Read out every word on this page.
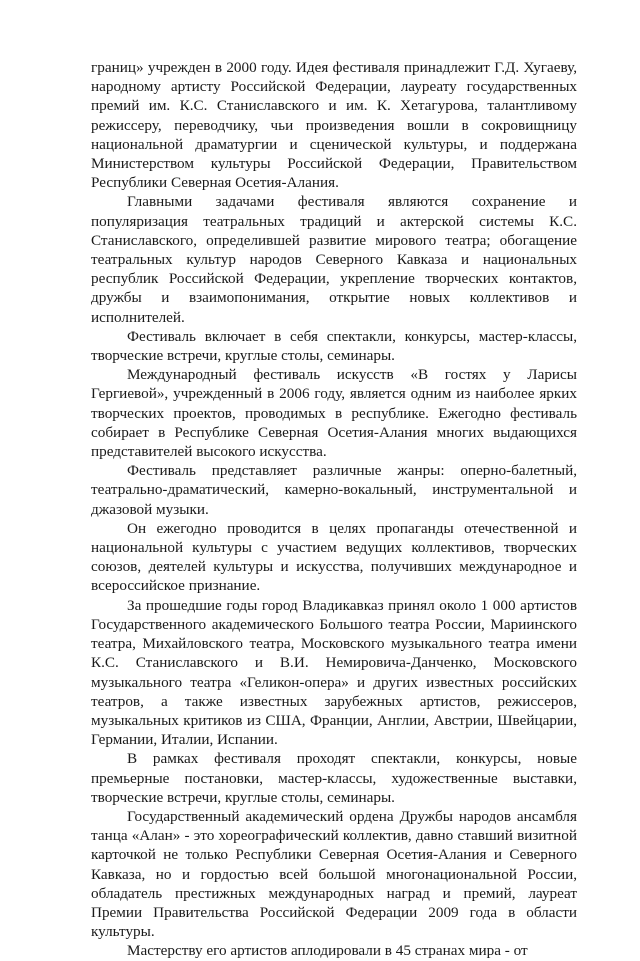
границ» учрежден в 2000 году. Идея фестиваля принадлежит Г.Д. Хугаеву, народному артисту Российской Федерации, лауреату государственных премий им. К.С. Станиславского и им. К. Хетагурова, талантливому режиссеру, переводчику, чьи произведения вошли в сокровищницу национальной драматургии и сценической культуры, и поддержана Министерством культуры Российской Федерации, Правительством Республики Северная Осетия-Алания.

Главными задачами фестиваля являются сохранение и популяризация театральных традиций и актерской системы К.С. Станиславского, определившей развитие мирового театра; обогащение театральных культур народов Северного Кавказа и национальных республик Российской Федерации, укрепление творческих контактов, дружбы и взаимопонимания, открытие новых коллективов и исполнителей.

Фестиваль включает в себя спектакли, конкурсы, мастер-классы, творческие встречи, круглые столы, семинары.

Международный фестиваль искусств «В гостях у Ларисы Гергиевой», учрежденный в 2006 году, является одним из наиболее ярких творческих проектов, проводимых в республике. Ежегодно фестиваль собирает в Республике Северная Осетия-Алания многих выдающихся представителей высокого искусства.

Фестиваль представляет различные жанры: оперно-балетный, театрально-драматический, камерно-вокальный, инструментальной и джазовой музыки.

Он ежегодно проводится в целях пропаганды отечественной и национальной культуры с участием ведущих коллективов, творческих союзов, деятелей культуры и искусства, получивших международное и всероссийское признание.

За прошедшие годы город Владикавказ принял около 1 000 артистов Государственного академического Большого театра России, Мариинского театра, Михайловского театра, Московского музыкального театра имени К.С. Станиславского и В.И. Немировича-Данченко, Московского музыкального театра «Геликон-опера» и других известных российских театров, а также известных зарубежных артистов, режиссеров, музыкальных критиков из США, Франции, Англии, Австрии, Швейцарии, Германии, Италии, Испании.

В рамках фестиваля проходят спектакли, конкурсы, новые премьерные постановки, мастер-классы, художественные выставки, творческие встречи, круглые столы, семинары.

Государственный академический ордена Дружбы народов ансамбля танца «Алан» - это хореографический коллектив, давно ставший визитной карточкой не только Республики Северная Осетия-Алания и Северного Кавказа, но и гордостью всей большой многонациональной России, обладатель престижных международных наград и премий, лауреат Премии Правительства Российской Федерации 2009 года в области культуры.

Мастерству его артистов аплодировали в 45 странах мира - от
